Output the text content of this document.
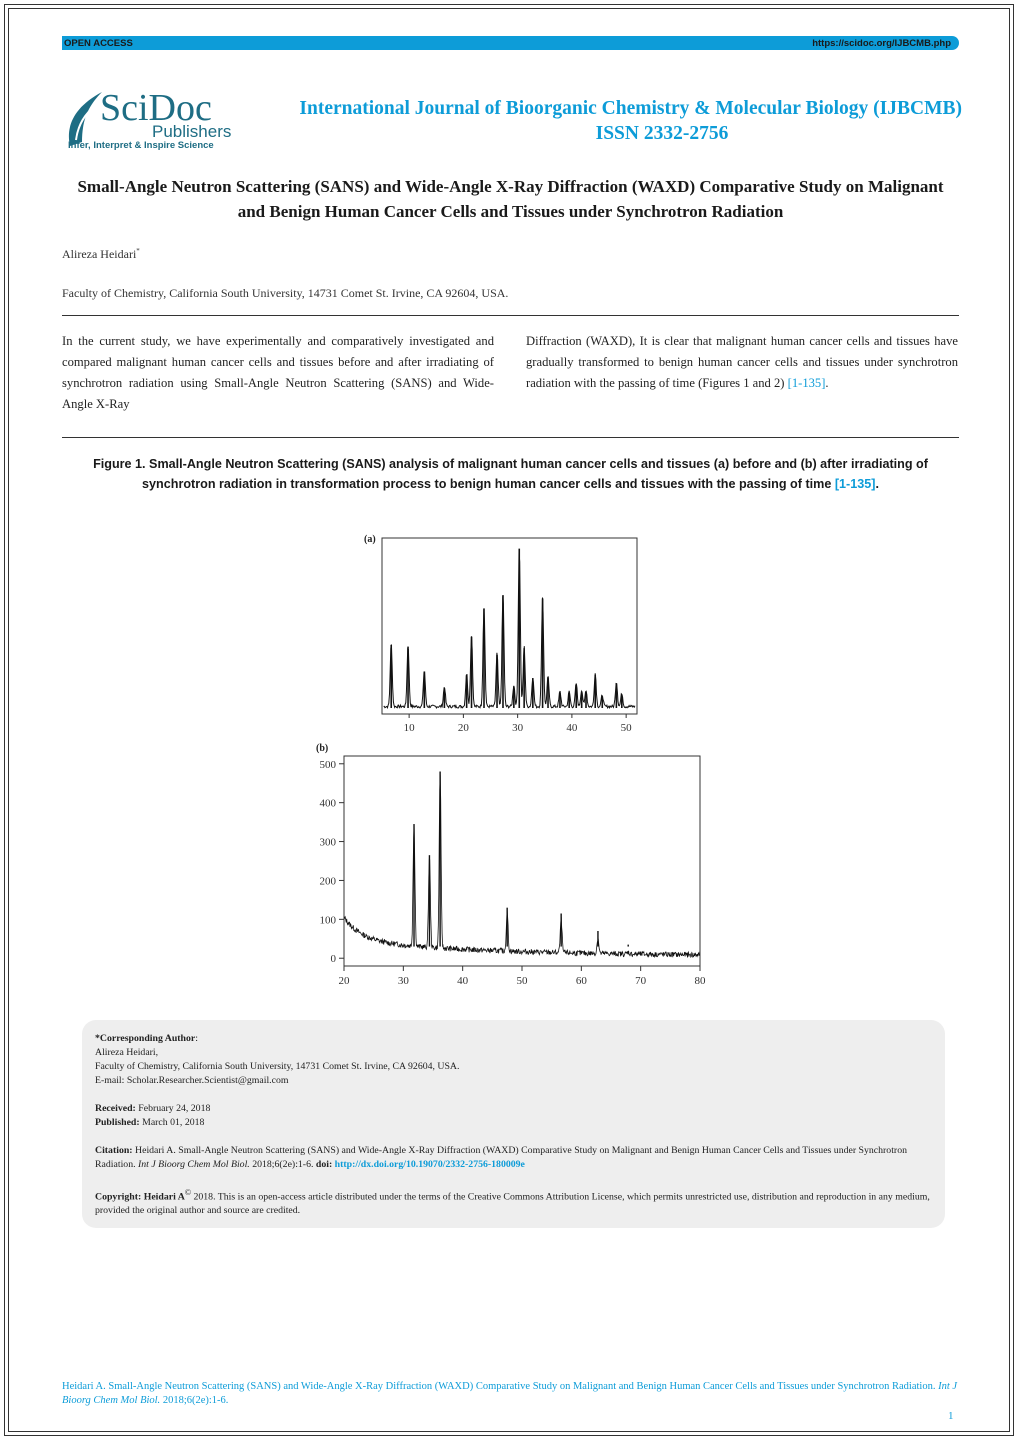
OPEN ACCESS	https://scidoc.org/IJBCMB.php
SciDoc
Publishers
Infer, Interpret & Inspire Science
International Journal of Bioorganic Chemistry & Molecular Biology (IJBCMB)
ISSN 2332-2756
Small-Angle Neutron Scattering (SANS) and Wide-Angle X-Ray Diffraction (WAXD) Comparative Study on Malignant and Benign Human Cancer Cells and Tissues under Synchrotron Radiation
Alireza Heidari*
Faculty of Chemistry, California South University, 14731 Comet St. Irvine, CA 92604, USA.
In the current study, we have experimentally and comparatively investigated and compared malignant human cancer cells and tissues before and after irradiating of synchrotron radiation using Small-Angle Neutron Scattering (SANS) and Wide-Angle X-Ray
Diffraction (WAXD), It is clear that malignant human cancer cells and tissues have gradually transformed to benign human cancer cells and tissues under synchrotron radiation with the passing of time (Figures 1 and 2) [1-135].
Figure 1. Small-Angle Neutron Scattering (SANS) analysis of malignant human cancer cells and tissues (a) before and (b) after irradiating of synchrotron radiation in transformation process to benign human cancer cells and tissues with the passing of time [1-135].
(a)
10	20	30	40	50
(b)
20	30	40	50	60	70	80
0
100
200
300
400
500

*Corresponding Author:

Alireza Heidari,

Faculty of Chemistry, California South University, 14731 Comet St. Irvine, CA 92604, USA.

E-mail: Scholar.Researcher.Scientist@gmail.com

Received: February 24, 2018

Published: March 01, 2018

Citation: Heidari A. Small-Angle Neutron Scattering (SANS) and Wide-Angle X-Ray Diffraction (WAXD) Comparative Study on Malignant and Benign Human Cancer Cells and Tissues under Synchrotron Radiation. Int J Bioorg Chem Mol Biol. 2018;6(2e):1-6. doi: http://dx.doi.org/10.19070/2332-2756-180009e

Copyright: Heidari A© 2018. This is an open-access article distributed under the terms of the Creative Commons Attribution License, which permits unrestricted use, distribution and reproduction in any medium, provided the original author and source are credited.

Heidari A. Small-Angle Neutron Scattering (SANS) and Wide-Angle X-Ray Diffraction (WAXD) Comparative Study on Malignant and Benign Human Cancer Cells and Tissues under Synchrotron Radiation. Int J Bioorg Chem Mol Biol. 2018;6(2e):1-6.
1
